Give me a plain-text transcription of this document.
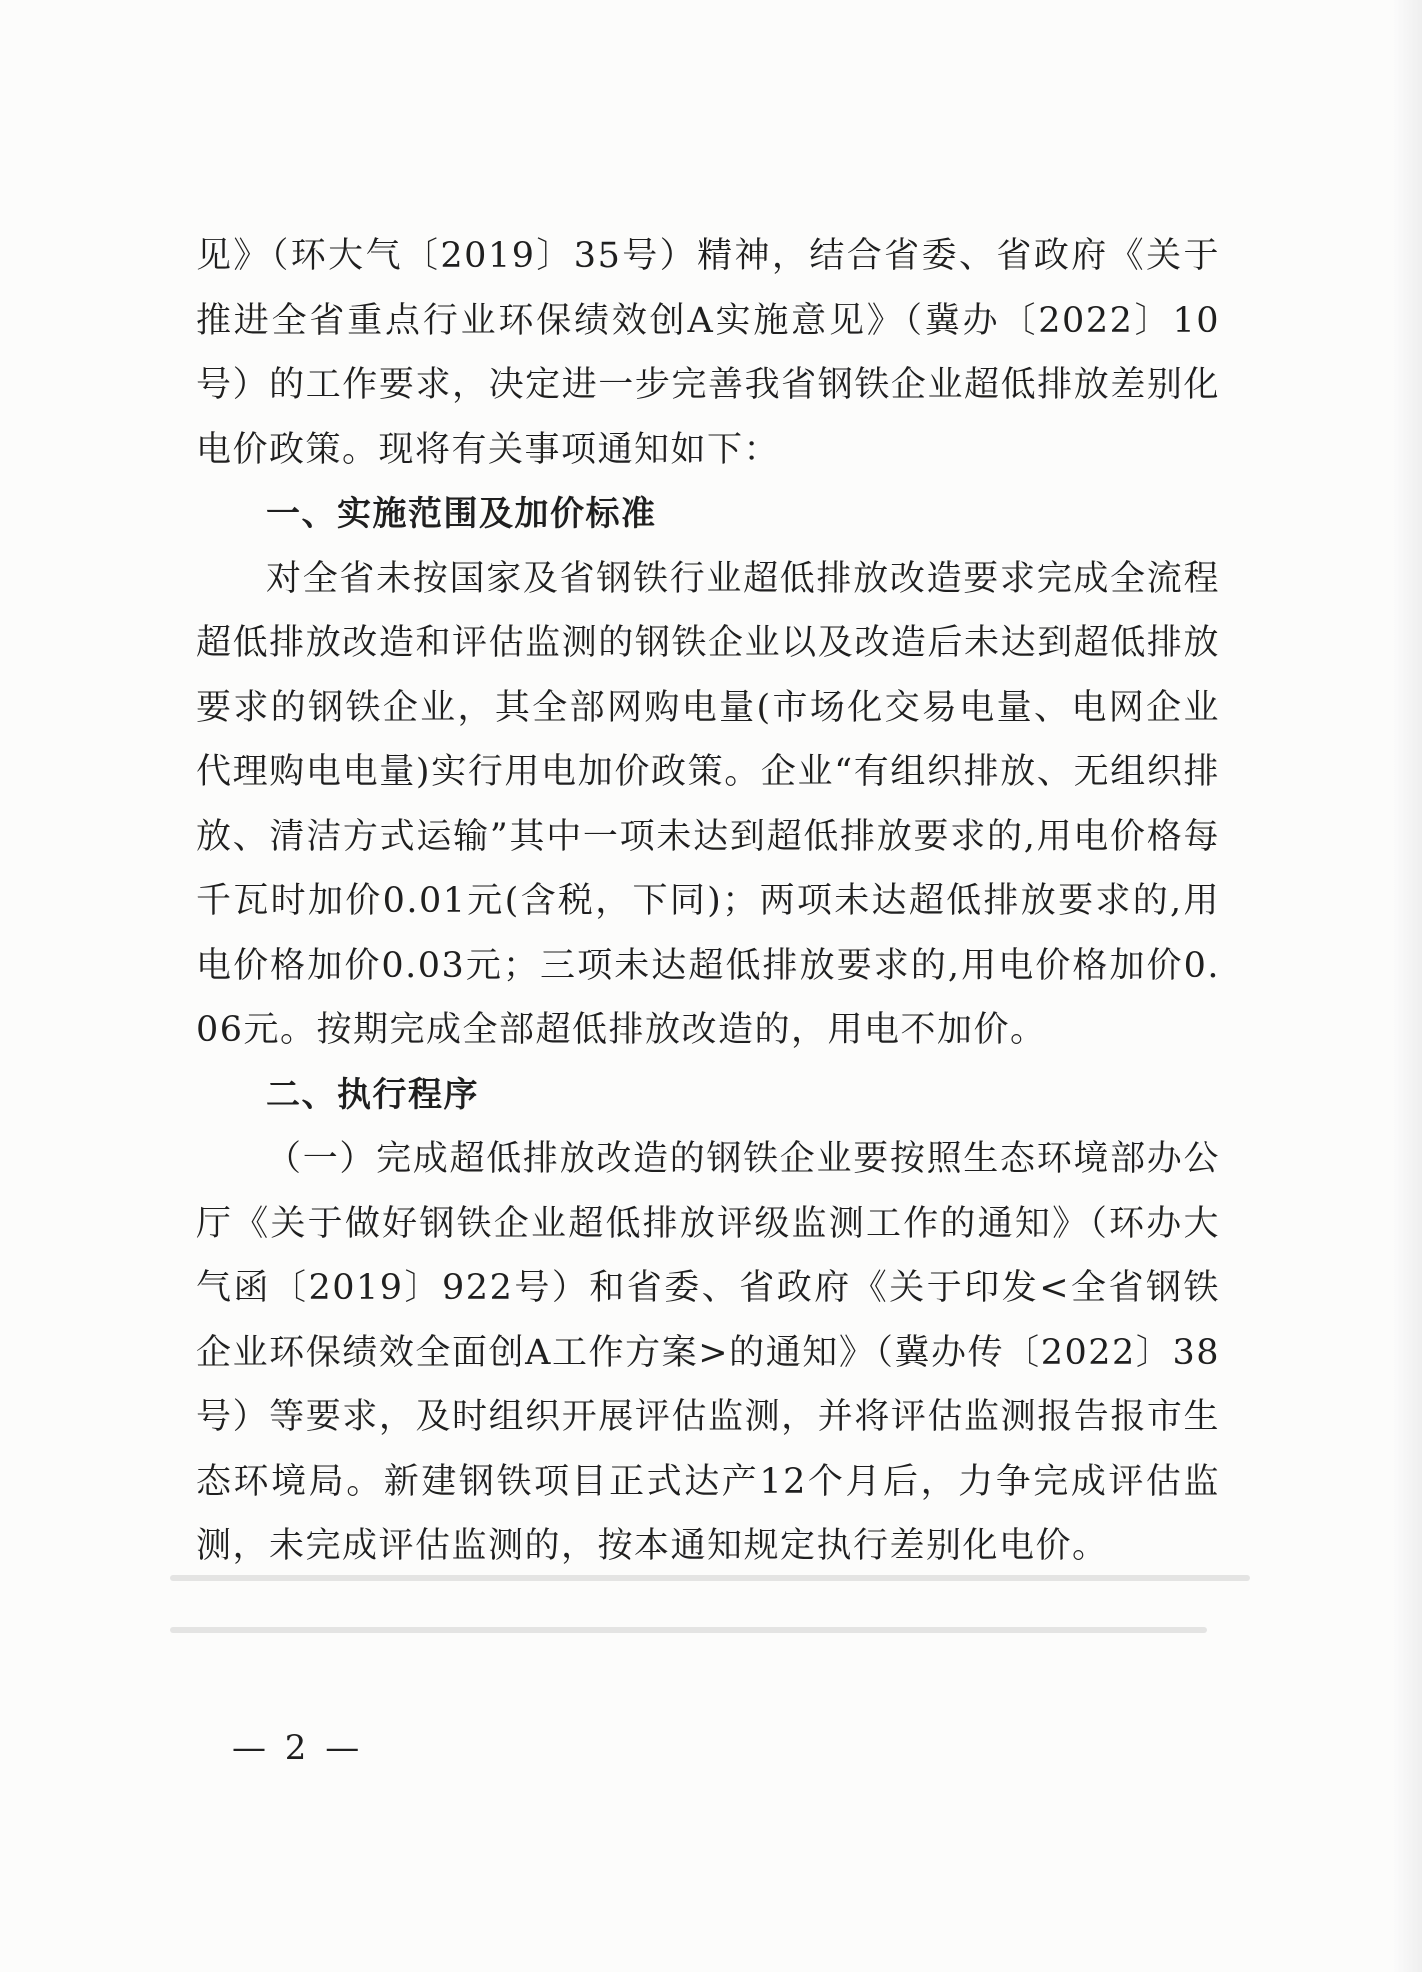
见》（环大气〔2019〕35号）精神，结合省委、省政府《关于推进全省重点行业环保绩效创A实施意见》（冀办〔2022〕10号）的工作要求，决定进一步完善我省钢铁企业超低排放差别化电价政策。现将有关事项通知如下：

一、实施范围及加价标准

对全省未按国家及省钢铁行业超低排放改造要求完成全流程超低排放改造和评估监测的钢铁企业以及改造后未达到超低排放要求的钢铁企业，其全部网购电量(市场化交易电量、电网企业代理购电电量)实行用电加价政策。企业“有组织排放、无组织排放、清洁方式运输”其中一项未达到超低排放要求的,用电价格每千瓦时加价0.01元(含税，下同)；两项未达超低排放要求的,用电价格加价0.03元；三项未达超低排放要求的,用电价格加价0.06元。按期完成全部超低排放改造的，用电不加价。

二、执行程序

（一）完成超低排放改造的钢铁企业要按照生态环境部办公厅《关于做好钢铁企业超低排放评级监测工作的通知》（环办大气函〔2019〕922号）和省委、省政府《关于印发<全省钢铁企业环保绩效全面创A工作方案>的通知》（冀办传〔2022〕38号）等要求，及时组织开展评估监测，并将评估监测报告报市生态环境局。新建钢铁项目正式达产12个月后，力争完成评估监测，未完成评估监测的，按本通知规定执行差别化电价。

— 2 —
